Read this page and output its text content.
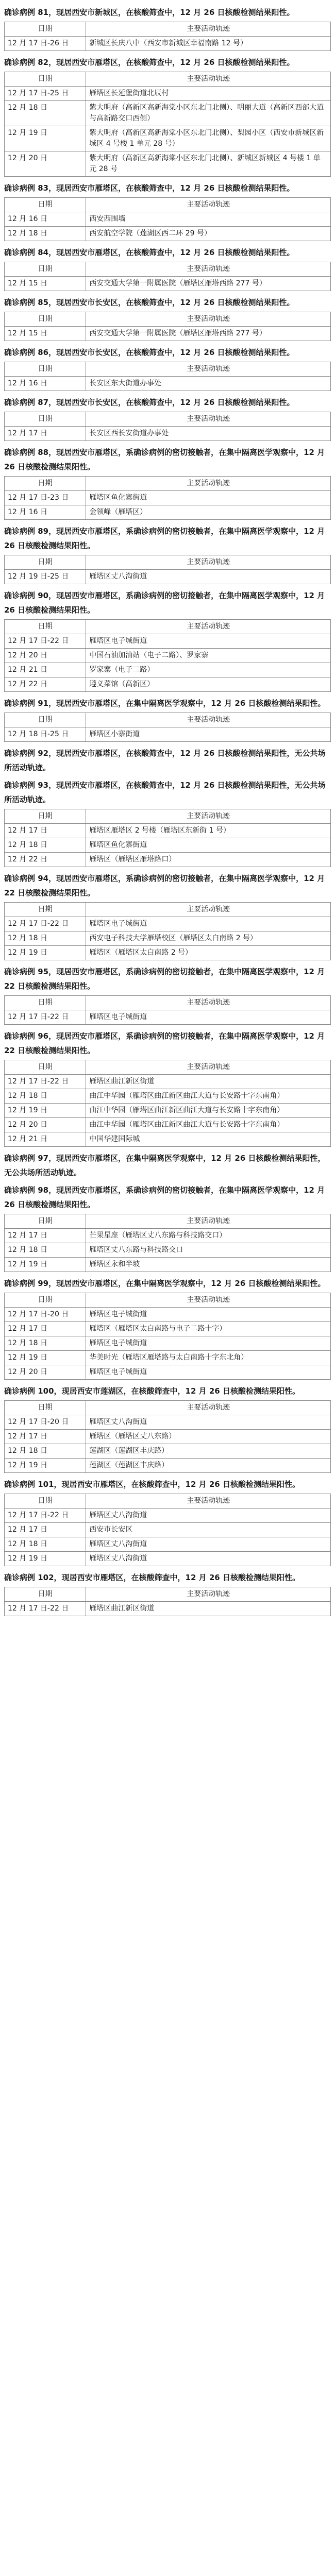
确诊病例 81，现居西安市新城区，在核酸筛查中，12 月 26 日核酸检测结果阳性。

日期	主要活动轨迹
12 月 17 日-26 日	新城区长庆八中（西安市新城区幸福南路 12 号）

确诊病例 82，现居西安市雁塔区，在核酸筛查中，12 月 26 日核酸检测结果阳性。

日期	主要活动轨迹
12 月 17 日-25 日	雁塔区长延堡街道北辰村
12 月 18 日	紫大明府（高新区高新海棠小区东北门北侧）、明丽大道（高新区西部大道与高新路交口西侧）
12 月 19 日	紫大明府（高新区高新海棠小区东北门北侧）、梨园小区（西安市新城区新城区 4 号楼 1 单元 28 号）
12 月 20 日	紫大明府（高新区高新海棠小区东北门北侧）、新城区新城区 4 号楼 1 单元 28 号

确诊病例 83，现居西安市雁塔区，在核酸筛查中，12 月 26 日核酸检测结果阳性。

日期	主要活动轨迹
12 月 16 日	西安西围墙
12 月 18 日	西安航空学院（莲湖区西二环 29 号）

确诊病例 84，现居西安市雁塔区，在核酸筛查中，12 月 26 日核酸检测结果阳性。

日期	主要活动轨迹
12 月 15 日	西安交通大学第一附属医院（雁塔区雁塔西路 277 号）

确诊病例 85，现居西安市长安区，在核酸筛查中，12 月 26 日核酸检测结果阳性。

日期	主要活动轨迹
12 月 15 日	西安交通大学第一附属医院（雁塔区雁塔西路 277 号）

确诊病例 86，现居西安市长安区，在核酸筛查中，12 月 26 日核酸检测结果阳性。

日期	主要活动轨迹
12 月 16 日	长安区东大街道办事处

确诊病例 87，现居西安市长安区，在核酸筛查中，12 月 26 日核酸检测结果阳性。

日期	主要活动轨迹
12 月 17 日	长安区西长安街道办事处

确诊病例 88，现居西安市雁塔区，系确诊病例的密切接触者，在集中隔离医学观察中，12 月 26 日核酸检测结果阳性。

日期	主要活动轨迹
12 月 17 日-23 日	雁塔区鱼化寨街道
12 月 16 日	金领峰（雁塔区）

确诊病例 89，现居西安市雁塔区，系确诊病例的密切接触者，在集中隔离医学观察中，12 月 26 日核酸检测结果阳性。

日期	主要活动轨迹
12 月 19 日-25 日	雁塔区丈八沟街道

确诊病例 90，现居西安市雁塔区，系确诊病例的密切接触者，在集中隔离医学观察中，12 月 26 日核酸检测结果阳性。

日期	主要活动轨迹
12 月 17 日-22 日	雁塔区电子城街道
12 月 20 日	中国石油加油站（电子二路）、罗家寨
12 月 21 日	罗家寨（电子二路）
12 月 22 日	遵义菜馆（高新区）

确诊病例 91，现居西安市雁塔区，在集中隔离医学观察中，12 月 26 日核酸检测结果阳性。

日期	主要活动轨迹
12 月 18 日-25 日	雁塔区小寨街道

确诊病例 92，现居西安市雁塔区，在核酸筛查中，12 月 26 日核酸检测结果阳性，无公共场所活动轨迹。

确诊病例 93，现居西安市雁塔区，在核酸筛查中，12 月 26 日核酸检测结果阳性，无公共场所活动轨迹。

日期	主要活动轨迹
12 月 17 日	雁塔区雁塔区 2 号楼（雁塔区东新街 1 号）
12 月 18 日	雁塔区鱼化寨街道
12 月 22 日	雁塔区（雁塔区雁塔路口）

确诊病例 94，现居西安市雁塔区，系确诊病例的密切接触者，在集中隔离医学观察中，12 月 22 日核酸检测结果阳性。

日期	主要活动轨迹
12 月 17 日-22 日	雁塔区电子城街道
12 月 18 日	西安电子科技大学雁塔校区（雁塔区太白南路 2 号）
12 月 19 日	雁塔区（雁塔区太白南路 2 号）

确诊病例 95，现居西安市雁塔区，系确诊病例的密切接触者，在集中隔离医学观察中，12 月 22 日核酸检测结果阳性。

日期	主要活动轨迹
12 月 17 日-22 日	雁塔区电子城街道

确诊病例 96，现居西安市雁塔区，系确诊病例的密切接触者，在集中隔离医学观察中，12 月 22 日核酸检测结果阳性。

日期	主要活动轨迹
12 月 17 日-22 日	雁塔区曲江新区街道
12 月 18 日	曲江中华园（雁塔区曲江新区曲江大道与长安路十字东南角）
12 月 19 日	曲江中华园（雁塔区曲江新区曲江大道与长安路十字东南角）
12 月 20 日	曲江中华园（雁塔区曲江新区曲江大道与长安路十字东南角）
12 月 21 日	中国华建国际城

确诊病例 97，现居西安市雁塔区，在集中隔离医学观察中，12 月 26 日核酸检测结果阳性，无公共场所活动轨迹。

确诊病例 98，现居西安市雁塔区，系确诊病例的密切接触者，在集中隔离医学观察中，12 月 26 日核酸检测结果阳性。

日期	主要活动轨迹
12 月 17 日	芒果星座（雁塔区丈八东路与科技路交口）
12 月 18 日	雁塔区丈八东路与科技路交口
12 月 19 日	雁塔区永和半坡

确诊病例 99，现居西安市雁塔区，在集中隔离医学观察中，12 月 26 日核酸检测结果阳性。

日期	主要活动轨迹
12 月 17 日-20 日	雁塔区电子城街道
12 月 17 日	雁塔区（雁塔区太白南路与电子二路十字）
12 月 18 日	雁塔区电子城街道
12 月 19 日	华美时光（雁塔区雁塔路与太白南路十字东北角）
12 月 20 日	雁塔区电子城街道

确诊病例 100，现居西安市莲湖区，在核酸筛查中，12 月 26 日核酸检测结果阳性。

日期	主要活动轨迹
12 月 17 日-20 日	雁塔区丈八沟街道
12 月 17 日	雁塔区（雁塔区丈八东路）
12 月 18 日	莲湖区（莲湖区丰庆路）
12 月 19 日	莲湖区（莲湖区丰庆路）

确诊病例 101，现居西安市雁塔区，在核酸筛查中，12 月 26 日核酸检测结果阳性。

日期	主要活动轨迹
12 月 17 日-22 日	雁塔区丈八沟街道
12 月 17 日	西安市长安区
12 月 18 日	雁塔区丈八沟街道
12 月 19 日	雁塔区丈八沟街道

确诊病例 102，现居西安市雁塔区，在核酸筛查中，12 月 26 日核酸检测结果阳性。

日期	主要活动轨迹
12 月 17 日-22 日	雁塔区曲江新区街道
